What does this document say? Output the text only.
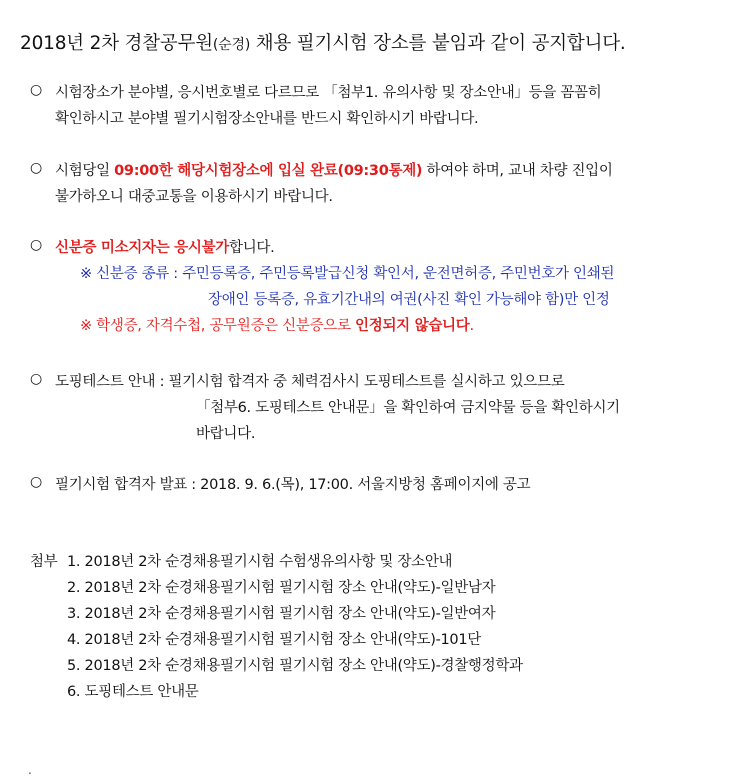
2018년 2차 경찰공무원(순경) 채용 필기시험 장소를 붙임과 같이 공지합니다.
○ 시험장소가 분야별, 응시번호별로 다르므로 「첨부1. 유의사항 및 장소안내」등을 꼼꼼히
확인하시고 분야별 필기시험장소안내를 반드시 확인하시기 바랍니다.
○ 시험당일 09:00한 해당시험장소에 입실 완료(09:30통제) 하여야 하며, 교내 차량 진입이
불가하오니 대중교통을 이용하시기 바랍니다.
○ 신분증 미소지자는 응시불가합니다.
※ 신분증 종류 : 주민등록증, 주민등록발급신청 확인서, 운전면허증, 주민번호가 인쇄된
장애인 등록증, 유효기간내의 여권(사진 확인 가능해야 함)만 인정
※ 학생증, 자격수첩, 공무원증은 신분증으로 인정되지 않습니다.
○ 도핑테스트 안내 : 필기시험 합격자 중 체력검사시 도핑테스트를 실시하고 있으므로
「첨부6. 도핑테스트 안내문」을 확인하여 금지약물 등을 확인하시기
바랍니다.
○ 필기시험 합격자 발표 : 2018. 9. 6.(목), 17:00. 서울지방청 홈페이지에 공고
첨부 1. 2018년 2차 순경채용필기시험 수험생유의사항 및 장소안내
2. 2018년 2차 순경채용필기시험 필기시험 장소 안내(약도)-일반남자
3. 2018년 2차 순경채용필기시험 필기시험 장소 안내(약도)-일반여자
4. 2018년 2차 순경채용필기시험 필기시험 장소 안내(약도)-101단
5. 2018년 2차 순경채용필기시험 필기시험 장소 안내(약도)-경찰행정학과
6. 도핑테스트 안내문
.
